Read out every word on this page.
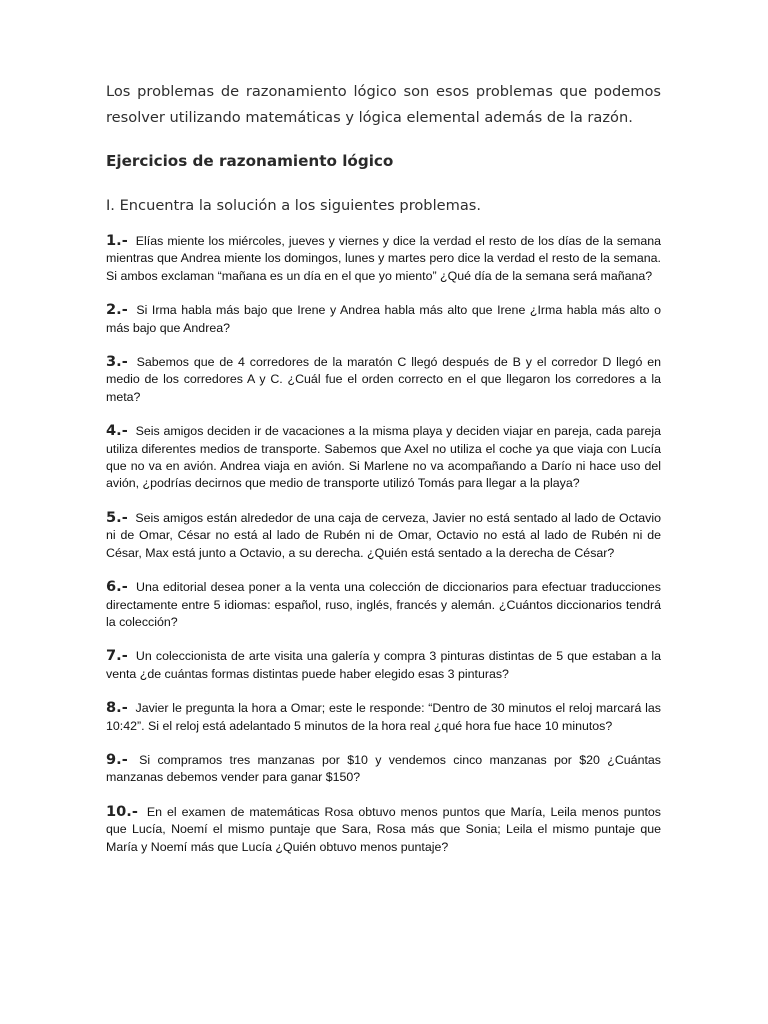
Los problemas de razonamiento lógico son esos problemas que podemos resolver utilizando matemáticas y lógica elemental además de la razón.

Ejercicios de razonamiento lógico

I. Encuentra la solución a los siguientes problemas.

1.- Elías miente los miércoles, jueves y viernes y dice la verdad el resto de los días de la semana mientras que Andrea miente los domingos, lunes y martes pero dice la verdad el resto de la semana. Si ambos exclaman “mañana es un día en el que yo miento” ¿Qué día de la semana será mañana?
2.- Si Irma habla más bajo que Irene y Andrea habla más alto que Irene ¿Irma habla más alto o más bajo que Andrea?
3.- Sabemos que de 4 corredores de la maratón C llegó después de B y el corredor D llegó en medio de los corredores A y C. ¿Cuál fue el orden correcto en el que llegaron los corredores a la meta?
4.- Seis amigos deciden ir de vacaciones a la misma playa y deciden viajar en pareja, cada pareja utiliza diferentes medios de transporte. Sabemos que Axel no utiliza el coche ya que viaja con Lucía que no va en avión. Andrea viaja en avión. Si Marlene no va acompañando a Darío ni hace uso del avión, ¿podrías decirnos que medio de transporte utilizó Tomás para llegar a la playa?
5.- Seis amigos están alrededor de una caja de cerveza, Javier no está sentado al lado de Octavio ni de Omar, César no está al lado de Rubén ni de Omar, Octavio no está al lado de Rubén ni de César, Max está junto a Octavio, a su derecha. ¿Quién está sentado a la derecha de César?
6.- Una editorial desea poner a la venta una colección de diccionarios para efectuar traducciones directamente entre 5 idiomas: español, ruso, inglés, francés y alemán. ¿Cuántos diccionarios tendrá la colección?
7.- Un coleccionista de arte visita una galería y compra 3 pinturas distintas de 5 que estaban a la venta ¿de cuántas formas distintas puede haber elegido esas 3 pinturas?
8.- Javier le pregunta la hora a Omar; este le responde: “Dentro de 30 minutos el reloj marcará las 10:42”. Si el reloj está adelantado 5 minutos de la hora real ¿qué hora fue hace 10 minutos?
9.- Si compramos tres manzanas por $10 y vendemos cinco manzanas por $20 ¿Cuántas manzanas debemos vender para ganar $150?
10.- En el examen de matemáticas Rosa obtuvo menos puntos que María, Leila menos puntos que Lucía, Noemí el mismo puntaje que Sara, Rosa más que Sonia; Leila el mismo puntaje que María y Noemí más que Lucía ¿Quién obtuvo menos puntaje?
